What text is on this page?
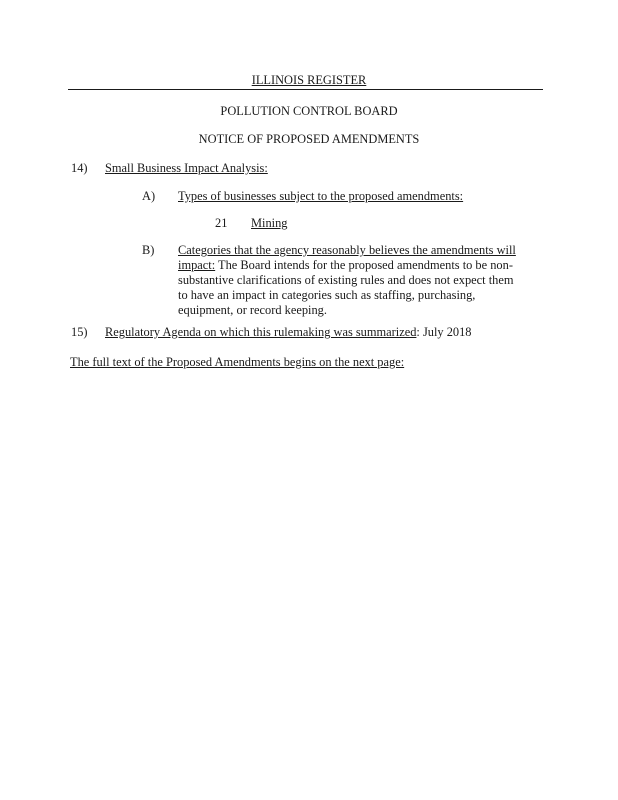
ILLINOIS REGISTER
POLLUTION CONTROL BOARD
NOTICE OF PROPOSED AMENDMENTS
14) Small Business Impact Analysis:
A) Types of businesses subject to the proposed amendments:
21 Mining
B) Categories that the agency reasonably believes the amendments will impact: The Board intends for the proposed amendments to be non-substantive clarifications of existing rules and does not expect them to have an impact in categories such as staffing, purchasing, equipment, or record keeping.
15) Regulatory Agenda on which this rulemaking was summarized: July 2018
The full text of the Proposed Amendments begins on the next page:
